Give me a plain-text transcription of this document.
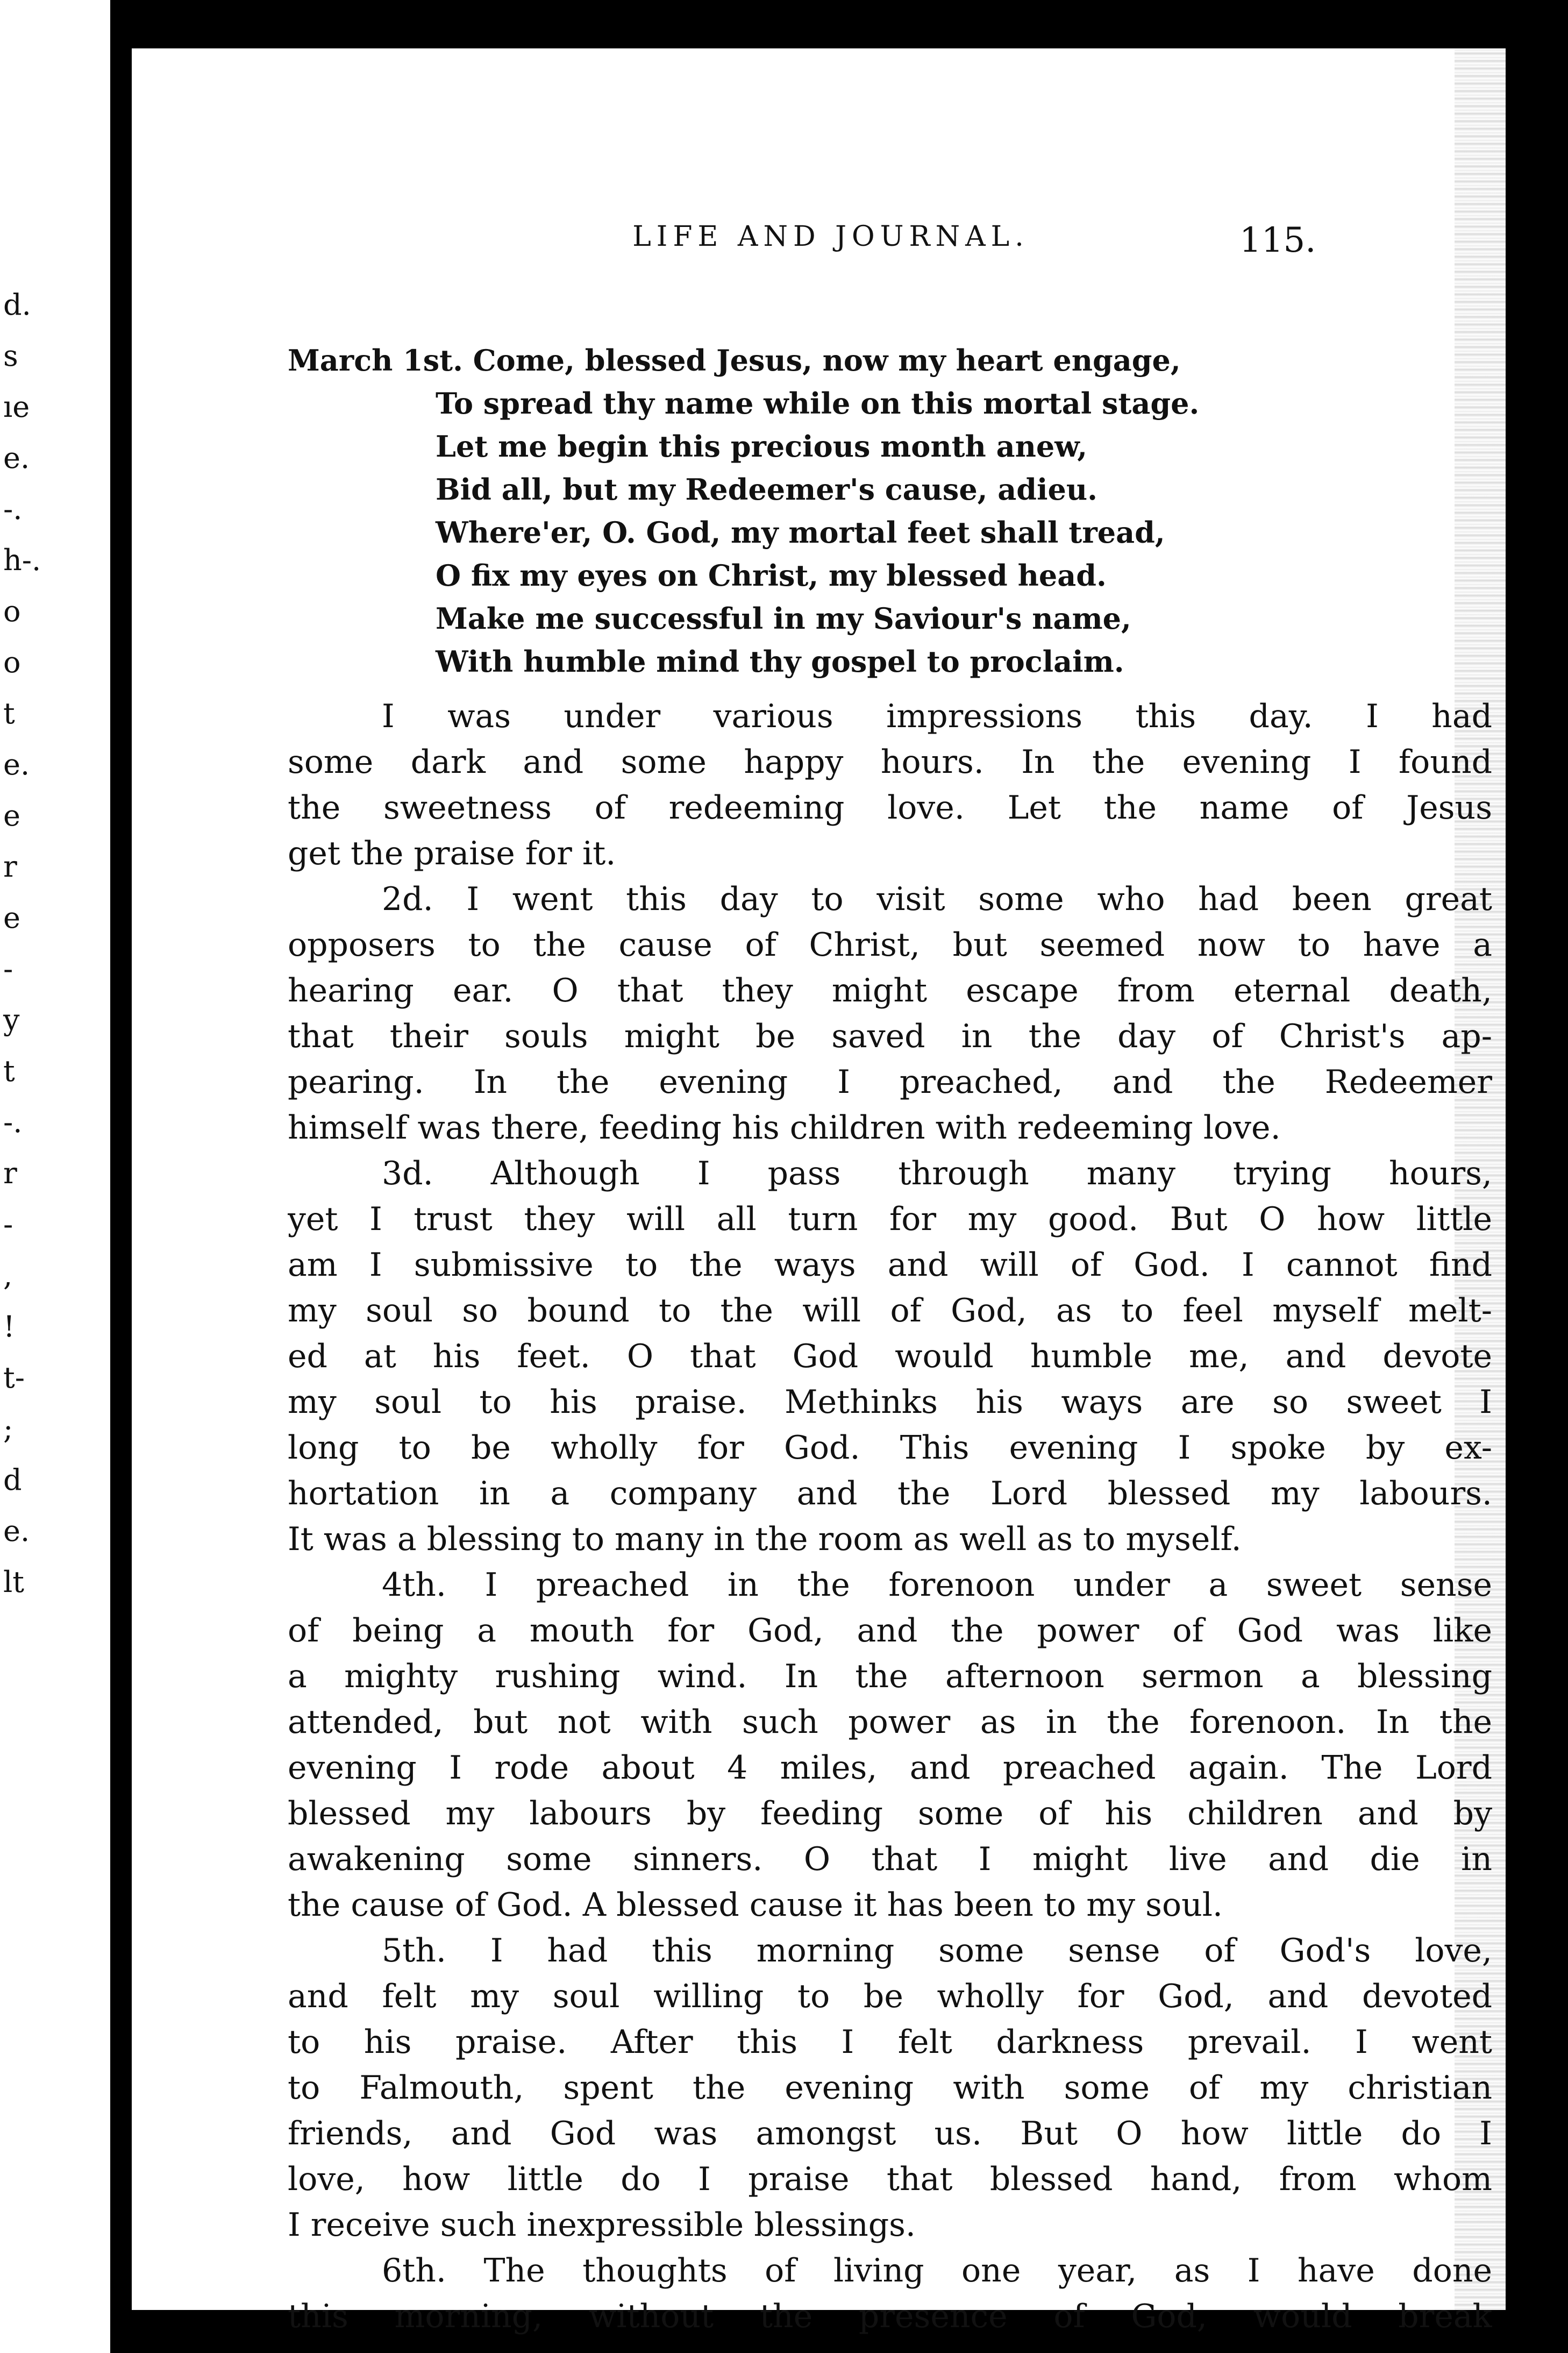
d.
s
ıe
e.
-.
h-.
o
o
t
e.
e
r
e
-
y
t
-.
r
-
,
!
t-
;
d
e.
lt
LIFE AND JOURNAL.	115.
March 1st. Come, blessed Jesus, now my heart engage,
To spread thy name while on this mortal stage.
Let me begin this precious month anew,
Bid all, but my Redeemer's cause, adieu.
Where'er, O. God, my mortal feet shall tread,
O fix my eyes on Christ, my blessed head.
Make me successful in my Saviour's name,
With humble mind thy gospel to proclaim.
I was under various impressions this day. I had
some dark and some happy hours. In the evening I found
the sweetness of redeeming love. Let the name of Jesus
get the praise for it.
2d. I went this day to visit some who had been great
opposers to the cause of Christ, but seemed now to have a
hearing ear. O that they might escape from eternal death,
that their souls might be saved in the day of Christ's ap-
pearing. In the evening I preached, and the Redeemer
himself was there, feeding his children with redeeming love.
3d. Although I pass through many trying hours,
yet I trust they will all turn for my good. But O how little
am I submissive to the ways and will of God. I cannot find
my soul so bound to the will of God, as to feel myself melt-
ed at his feet. O that God would humble me, and devote
my soul to his praise. Methinks his ways are so sweet I
long to be wholly for God. This evening I spoke by ex-
hortation in a company and the Lord blessed my labours.
It was a blessing to many in the room as well as to myself.
4th. I preached in the forenoon under a sweet sense
of being a mouth for God, and the power of God was like
a mighty rushing wind. In the afternoon sermon a blessing
attended, but not with such power as in the forenoon. In the
evening I rode about 4 miles, and preached again. The Lord
blessed my labours by feeding some of his children and by
awakening some sinners. O that I might live and die in
the cause of God. A blessed cause it has been to my soul.
5th. I had this morning some sense of God's love,
and felt my soul willing to be wholly for God, and devoted
to his praise. After this I felt darkness prevail. I went
to Falmouth, spent the evening with some of my christian
friends, and God was amongst us. But O how little do I
love, how little do I praise that blessed hand, from whom
I receive such inexpressible blessings.
6th. The thoughts of living one year, as I have done
this morning, without the presence of God, would break
